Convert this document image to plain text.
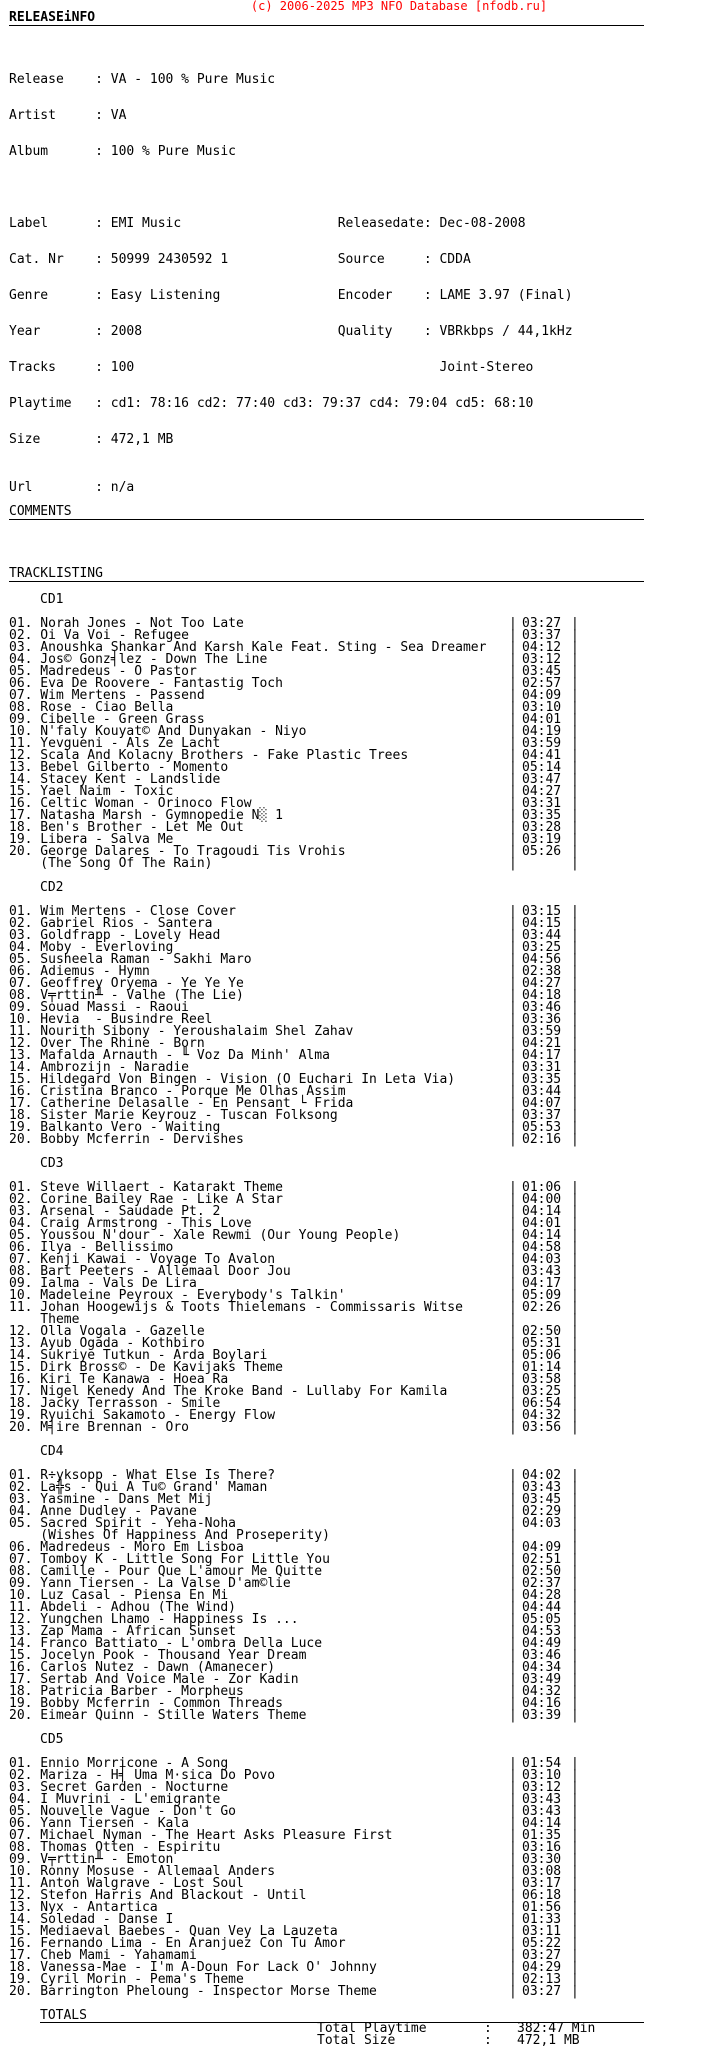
(c) 2006-2025 MP3 NFO Database [nfodb.ru]
RELEASEiNFO

Release    : VA - 100 % Pure Music

Artist     : VA

Album      : 100 % Pure Music

Label      : EMI Music                    Releasedate: Dec-08-2008

Cat. Nr    : 50999 2430592 1              Source     : CDDA

Genre      : Easy Listening               Encoder    : LAME 3.97 (Final)

Year       : 2008                         Quality    : VBRkbps / 44,1kHz

Tracks     : 100                                       Joint-Stereo

Playtime   : cd1: 78:16 cd2: 77:40 cd3: 79:37 cd4: 79:04 cd5: 68:10

Size       : 472,1 MB

Url        : n/a
COMMENTS
TRACKLISTING
CD1
01. Norah Jones - Not Too Late	| 03:27 |
02. Oi Va Voi - Refugee	| 03:37 |
03. Anoushka Shankar And Karsh Kale Feat. Sting - Sea Dreamer | 04:12 |
04. Jos© Gonz╡lez - Down The Line	| 03:12 |
05. Madredeus - O Pastor	| 03:45 |
06. Eva De Roovere - Fantastig Toch	| 02:57 |
07. Wim Mertens - Passend	| 04:09 |
08. Rose - Ciao Bella	| 03:10 |
09. Cibelle - Green Grass	| 04:01 |
10. N'faly Kouyat© And Dunyakan - Niyo	| 04:19 |
11. Yevgueni - Als Ze Lacht	| 03:59 |
12. Scala And Kolacny Brothers - Fake Plastic Trees	| 04:41 |
13. Bebel Gilberto - Momento	| 05:14 |
14. Stacey Kent - Landslide	| 03:47 |
15. Yael Naim - Toxic	| 04:27 |
16. Celtic Woman - Orinoco Flow	| 03:31 |
17. Natasha Marsh - Gymnopedie N░ 1	| 03:35 |
18. Ben's Brother - Let Me Out	| 03:28 |
19. Libera - Salva Me	| 03:19 |
20. George Dalares - To Tragoudi Tis Vrohis	| 05:26 |
(The Song Of The Rain)	|	|
CD2
01. Wim Mertens - Close Cover	| 03:15 |
02. Gabriel Rios - Santera	| 04:15 |
03. Goldfrapp - Lovely Head	| 03:44 |
04. Moby - Everloving	| 03:25 |
05. Susheela Raman - Sakhi Maro	| 04:56 |
06. Adiemus - Hymn	| 02:38 |
07. Geoffrey Oryema - Ye Ye Ye	| 04:27 |
08. V╤rttin╨ - Valhe (The Lie)	| 04:18 |
09. Souad Massi - Raoui	| 03:46 |
10. Hevia  - Busindre Reel	| 03:36 |
11. Nourith Sibony - Yeroushalaim Shel Zahav	| 03:59 |
12. Over The Rhine - Born	| 04:21 |
13. Mafalda Arnauth - ╙ Voz Da Minh' Alma	| 04:17 |
14. Ambrozijn - Naradie	| 03:31 |
15. Hildegard Von Bingen - Vision (O Euchari In Leta Via)	| 03:35 |
16. Cristina Branco - Porque Me Olhas Assim	| 03:44 |
17. Catherine Delasalle - En Pensant └ Frida	| 04:07 |
18. Sister Marie Keyrouz - Tuscan Folksong	| 03:37 |
19. Balkanto Vero - Waiting	| 05:53 |
20. Bobby Mcferrin - Dervishes	| 02:16 |
CD3
01. Steve Willaert - Katarakt Theme	| 01:06 |
02. Corine Bailey Rae - Like A Star	| 04:00 |
03. Arsenal - Saudade Pt. 2	| 04:14 |
04. Craig Armstrong - This Love	| 04:01 |
05. Youssou N'dour - Xale Rewmi (Our Young People)	| 04:14 |
06. Ilya - Bellissimo	| 04:58 |
07. Kenji Kawai - Voyage To Avalon	| 04:03 |
08. Bart Peeters - Allemaal Door Jou	| 03:43 |
09. Ialma - Vals De Lira	| 04:17 |
10. Madeleine Peyroux - Everybody's Talkin'	| 05:09 |
11. Johan Hoogewijs & Toots Thielemans - Commissaris Witse	| 02:26 |
Theme	|	|
12. Olla Vogala - Gazelle	| 02:50 |
13. Ayub Ogada - Kothbiro	| 05:31 |
14. Sukriye Tutkun - Arda Boylari	| 05:06 |
15. Dirk Bross© - De Kavijaks Theme	| 01:14 |
16. Kiri Te Kanawa - Hoea Ra	| 03:58 |
17. Nigel Kenedy And The Kroke Band - Lullaby For Kamila	| 03:25 |
18. Jacky Terrasson - Smile	| 06:54 |
19. Ryuichi Sakamoto - Energy Flow	| 04:32 |
20. M╡ire Brennan - Oro	| 03:56 |
CD4
01. R÷yksopp - What Else Is There?	| 04:02 |
02. La╬s - Qui A Tu© Grand' Maman	| 03:43 |
03. Yasmine - Dans Met Mij	| 03:45 |
04. Anne Dudley - Pavane	| 02:29 |
05. Sacred Spirit - Yeha-Noha	| 04:03 |
(Wishes Of Happiness And Proseperity)	|	|
06. Madredeus - Moro Em Lisboa	| 04:09 |
07. Tomboy K - Little Song For Little You	| 02:51 |
08. Camille - Pour Que L'amour Me Quitte	| 02:50 |
09. Yann Tiersen - La Valse D'am©lie	| 02:37 |
10. Luz Casal - Piensa En Mi	| 04:28 |
11. Abdeli - Adhou (The Wind)	| 04:44 |
12. Yungchen Lhamo - Happiness Is ...	| 05:05 |
13. Zap Mama - African Sunset	| 04:53 |
14. Franco Battiato - L'ombra Della Luce	| 04:49 |
15. Jocelyn Pook - Thousand Year Dream	| 03:46 |
16. Carlos Nutez - Dawn (Amanecer)	| 04:34 |
17. Sertab And Voice Male - Zor Kadin	| 03:49 |
18. Patricia Barber - Morpheus	| 04:32 |
19. Bobby Mcferrin - Common Threads	| 04:16 |
20. Eimear Quinn - Stille Waters Theme	| 03:39 |
CD5
01. Ennio Morricone - A Song	| 01:54 |
02. Mariza - H╡ Uma M·sica Do Povo	| 03:10 |
03. Secret Garden - Nocturne	| 03:12 |
04. I Muvrini - L'emigrante	| 03:43 |
05. Nouvelle Vague - Don't Go	| 03:43 |
06. Yann Tiersen - Kala	| 04:14 |
07. Michael Nyman - The Heart Asks Pleasure First	| 01:35 |
08. Thomas Otten - Espiritu	| 03:16 |
09. V╤rttin╨ - Emoton	| 03:30 |
10. Ronny Mosuse - Allemaal Anders	| 03:08 |
11. Anton Walgrave - Lost Soul	| 03:17 |
12. Stefon Harris And Blackout - Until	| 06:18 |
13. Nyx - Antartica	| 01:56 |
14. Soledad - Danse I	| 01:33 |
15. Mediaeval Baebes - Quan Vey La Lauzeta	| 03:11 |
16. Fernando Lima - En Aranjuez Con Tu Amor	| 05:22 |
17. Cheb Mami - Yahamami	| 03:27 |
18. Vanessa-Mae - I'm A-Doun For Lack O' Johnny	| 04:29 |
19. Cyril Morin - Pema's Theme	| 02:13 |
20. Barrington Pheloung - Inspector Morse Theme	| 03:27 |
TOTALS
Total Playtime	: 382:47 Min
Total Size	: 472,1 MB
